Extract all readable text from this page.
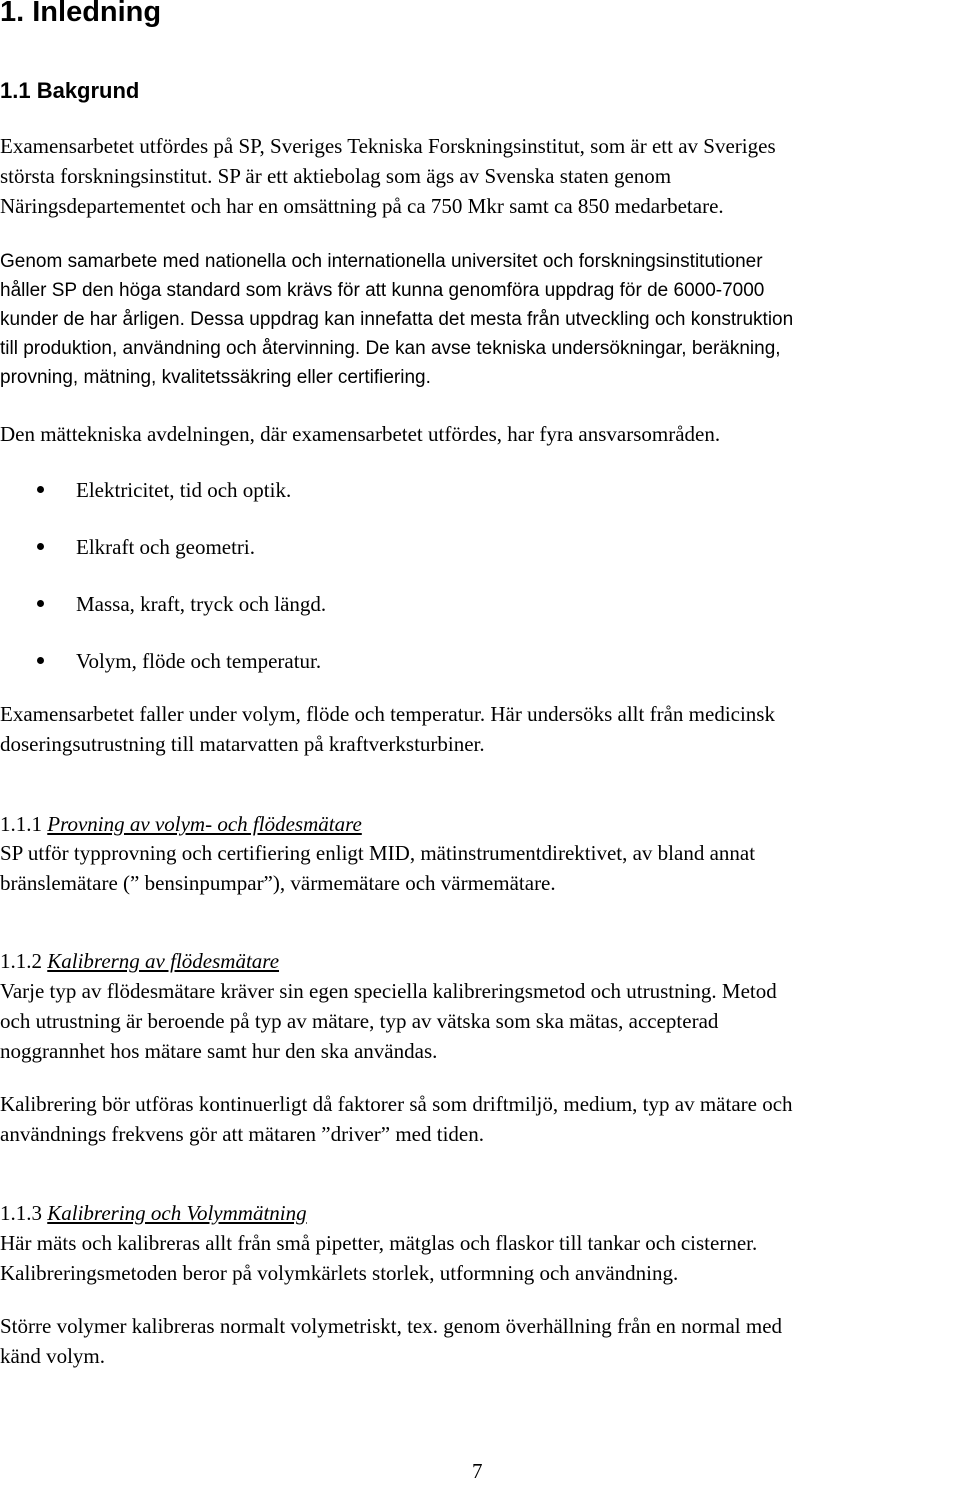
1. Inledning
1.1 Bakgrund
Examensarbetet utfördes på SP, Sveriges Tekniska Forskningsinstitut, som är ett av Sveriges
största forskningsinstitut. SP är ett aktiebolag som ägs av Svenska staten genom
Näringsdepartementet och har en omsättning på ca 750 Mkr samt ca 850 medarbetare.
Genom samarbete med nationella och internationella universitet och forskningsinstitutioner
håller SP den höga standard som krävs för att kunna genomföra uppdrag för de 6000-7000
kunder de har årligen. Dessa uppdrag kan innefatta det mesta från utveckling och konstruktion
till produktion, användning och återvinning. De kan avse tekniska undersökningar, beräkning,
provning, mätning, kvalitetssäkring eller certifiering.

Den mättekniska avdelningen, där examensarbetet utfördes, har fyra ansvarsområden.

Elektricitet, tid och optik.

Elkraft och geometri.

Massa, kraft, tryck och längd.

Volym, flöde och temperatur.

Examensarbetet faller under volym, flöde och temperatur. Här undersöks allt från medicinsk
doseringsutrustning till matarvatten på kraftverksturbiner.

1.1.1 Provning av volym- och flödesmätare

SP utför typprovning och certifiering enligt MID, mätinstrumentdirektivet, av bland annat
bränslemätare (” bensinpumpar”), värmemätare och värmemätare.

1.1.2 Kalibrerng av flödesmätare

Varje typ av flödesmätare kräver sin egen speciella kalibreringsmetod och utrustning. Metod
och utrustning är beroende på typ av mätare, typ av vätska som ska mätas, accepterad
noggrannhet hos mätare samt hur den ska användas.
Kalibrering bör utföras kontinuerligt då faktorer så som driftmiljö, medium, typ av mätare och
användnings frekvens gör att mätaren ”driver” med tiden.

1.1.3 Kalibrering och Volymmätning

Här mäts och kalibreras allt från små pipetter, mätglas och flaskor till tankar och cisterner.
Kalibreringsmetoden beror på volymkärlets storlek, utformning och användning.
Större volymer kalibreras normalt volymetriskt, tex. genom överhällning från en normal med
känd volym.

7
